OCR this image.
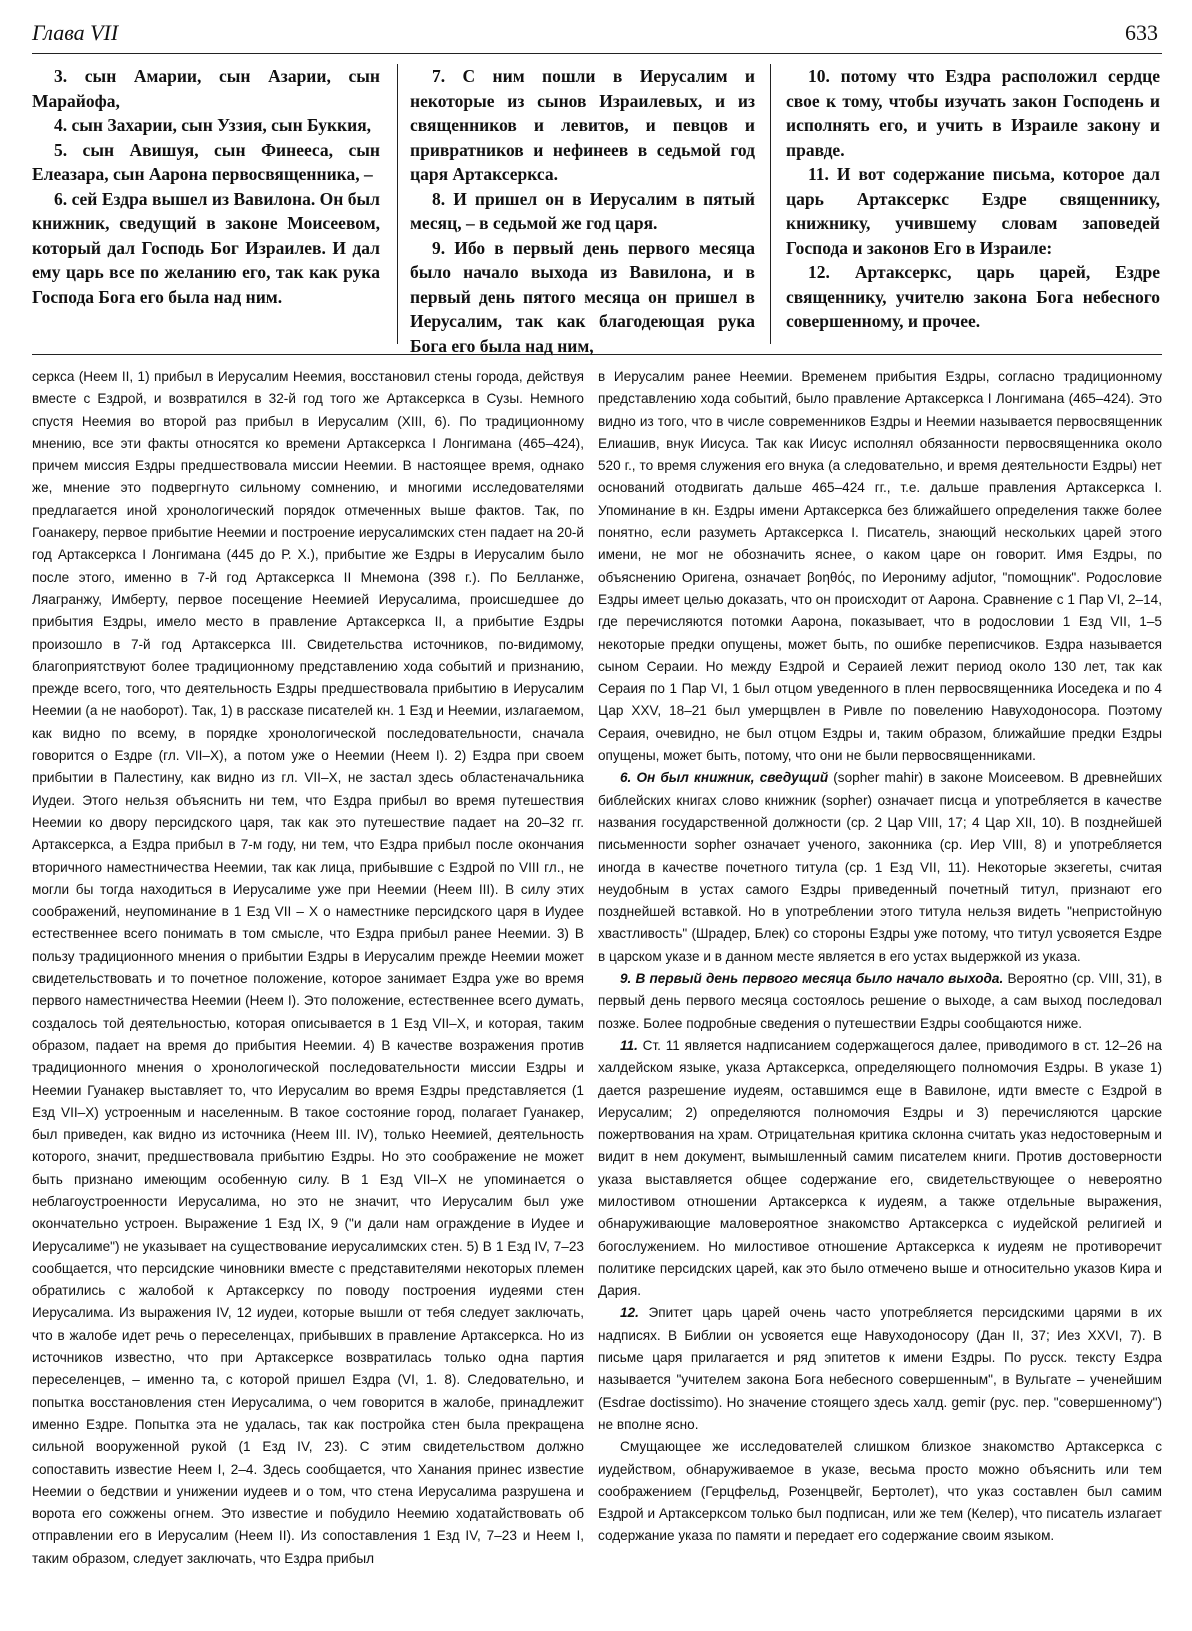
Глава VII	633

3. сын Амарии, сын Азарии, сын Марайофа,

4. сын Захарии, сын Уззия, сын Буккия,

5. сын Авишуя, сын Финееса, сын Елеазара, сын Аарона первосвященника, –

6. сей Ездра вышел из Вавилона. Он был книжник, сведущий в законе Моисеевом, который дал Господь Бог Израилев. И дал ему царь все по желанию его, так как рука Господа Бога его была над ним.

7. С ним пошли в Иерусалим и некоторые из сынов Израилевых, и из священников и левитов, и певцов и привратников и нефинеев в седьмой год царя Артаксеркса.

8. И пришел он в Иерусалим в пятый месяц, – в седьмой же год царя.

9. Ибо в первый день первого месяца было начало выхода из Вавилона, и в первый день пятого месяца он пришел в Иерусалим, так как благодеющая рука Бога его была над ним,

10. потому что Ездра расположил сердце свое к тому, чтобы изучать закон Господень и исполнять его, и учить в Израиле закону и правде.

11. И вот содержание письма, которое дал царь Артаксеркс Ездре священнику, книжнику, учившему словам заповедей Господа и законов Его в Израиле:

12. Артаксеркс, царь царей, Ездре священнику, учителю закона Бога небесного совершенному, и прочее.

серкса (Неем II, 1) прибыл в Иерусалим Неемия, восстановил стены города, действуя вместе с Ездрой, и возвратился в 32-й год того же Артаксеркса в Сузы. Немного спустя Неемия во второй раз прибыл в Иерусалим (XIII, 6). По традиционному мнению, все эти факты относятся ко времени Артаксеркса I Лонгимана (465–424), причем миссия Ездры предшествовала миссии Неемии. В настоящее время, однако же, мнение это подвергнуто сильному сомнению, и многими исследователями предлагается иной хронологический порядок отмеченных выше фактов. Так, по Гоанакеру, первое прибытие Неемии и построение иерусалимских стен падает на 20-й год Артаксеркса I Лонгимана (445 до Р. Х.), прибытие же Ездры в Иерусалим было после этого, именно в 7-й год Артаксеркса II Мнемона (398 г.). По Белланже, Ляагранжу, Имберту, первое посещение Неемией Иерусалима, происшедшее до прибытия Ездры, имело место в правление Артаксеркса II, а прибытие Ездры произошло в 7-й год Артаксеркса III. Свидетельства источников, по-видимому, благоприятствуют более традиционному представлению хода событий и признанию, прежде всего, того, что деятельность Ездры предшествовала прибытию в Иерусалим Неемии (а не наоборот). Так, 1) в рассказе писателей кн. 1 Езд и Неемии, излагаемом, как видно по всему, в порядке хронологической последовательности, сначала говорится о Ездре (гл. VII–X), а потом уже о Неемии (Неем I). 2) Ездра при своем прибытии в Палестину, как видно из гл. VII–X, не застал здесь областеначальника Иудеи. Этого нельзя объяснить ни тем, что Ездра прибыл во время путешествия Неемии ко двору персидского царя, так как это путешествие падает на 20–32 гг. Артаксеркса, а Ездра прибыл в 7-м году, ни тем, что Ездра прибыл после окончания вторичного наместничества Неемии, так как лица, прибывшие с Ездрой по VIII гл., не могли бы тогда находиться в Иерусалиме уже при Неемии (Неем III). В силу этих соображений, неупоминание в 1 Езд VII – X о наместнике персидского царя в Иудее естественнее всего понимать в том смысле, что Ездра прибыл ранее Неемии. 3) В пользу традиционного мнения о прибытии Ездры в Иерусалим прежде Неемии может свидетельствовать и то почетное положение, которое занимает Ездра уже во время первого наместничества Неемии (Неем I). Это положение, естественнее всего думать, создалось той деятельностью, которая описывается в 1 Езд VII–X, и которая, таким образом, падает на время до прибытия Неемии. 4) В качестве возражения против традиционного мнения о хронологической последовательности миссии Ездры и Неемии Гуанакер выставляет то, что Иерусалим во время Ездры представляется (1 Езд VII–X) устроенным и населенным. В такое состояние город, полагает Гуанакер, был приведен, как видно из источника (Неем III. IV), только Неемией, деятельность которого, значит, предшествовала прибытию Ездры. Но это соображение не может быть признано имеющим особенную силу. В 1 Езд VII–X не упоминается о неблагоустроенности Иерусалима, но это не значит, что Иерусалим был уже окончательно устроен. Выражение 1 Езд IX, 9 ("и дали нам ограждение в Иудее и Иерусалиме") не указывает на существование иерусалимских стен. 5) В 1 Езд IV, 7–23 сообщается, что персидские чиновники вместе с представителями некоторых племен обратились с жалобой к Артаксерксу по поводу построения иудеями стен Иерусалима. Из выражения IV, 12 иудеи, которые вышли от тебя следует заключать, что в жалобе идет речь о переселенцах, прибывших в правление Артаксеркса. Но из источников известно, что при Артаксерксе возвратилась только одна партия переселенцев, – именно та, с которой пришел Ездра (VI, 1. 8). Следовательно, и попытка восстановления стен Иерусалима, о чем говорится в жалобе, принадлежит именно Ездре. Попытка эта не удалась, так как постройка стен была прекращена сильной вооруженной рукой (1 Езд IV, 23). С этим свидетельством должно сопоставить известие Неем I, 2–4. Здесь сообщается, что Ханания принес известие Неемии о бедствии и унижении иудеев и о том, что стена Иерусалима разрушена и ворота его сожжены огнем. Это известие и побудило Неемию ходатайствовать об отправлении его в Иерусалим (Неем II). Из сопоставления 1 Езд IV, 7–23 и Неем I, таким образом, следует заключать, что Ездра прибыл

в Иерусалим ранее Неемии. Временем прибытия Ездры, согласно традиционному представлению хода событий, было правление Артаксеркса I Лонгимана (465–424). Это видно из того, что в числе современников Ездры и Неемии называется первосвященник Елиашив, внук Иисуса. Так как Иисус исполнял обязанности первосвященника около 520 г., то время служения его внука (а следовательно, и время деятельности Ездры) нет оснований отодвигать дальше 465–424 гг., т.е. дальше правления Артаксеркса I. Упоминание в кн. Ездры имени Артаксеркса без ближайшего определения также более понятно, если разуметь Артаксеркса I. Писатель, знающий нескольких царей этого имени, не мог не обозначить яснее, о каком царе он говорит. Имя Ездры, по объяснению Оригена, означает βοηθός, по Иерониму adjutor, "помощник". Родословие Ездры имеет целью доказать, что он происходит от Аарона. Сравнение с 1 Пар VI, 2–14, где перечисляются потомки Аарона, показывает, что в родословии 1 Езд VII, 1–5 некоторые предки опущены, может быть, по ошибке переписчиков. Ездра называется сыном Сераии. Но между Ездрой и Сераией лежит период около 130 лет, так как Сераия по 1 Пар VI, 1 был отцом уведенного в плен первосвященника Иоседека и по 4 Цар XXV, 18–21 был умерщвлен в Ривле по повелению Навуходоносора. Поэтому Сераия, очевидно, не был отцом Ездры и, таким образом, ближайшие предки Ездры опущены, может быть, потому, что они не были первосвященниками.

6. Он был книжник, сведущий (sopher mahir) в законе Моисеевом. В древнейших библейских книгах слово книжник (sopher) означает писца и употребляется в качестве названия государственной должности (ср. 2 Цар VIII, 17; 4 Цар XII, 10). В позднейшей письменности sopher означает ученого, законника (ср. Иер VIII, 8) и употребляется иногда в качестве почетного титула (ср. 1 Езд VII, 11). Некоторые экзегеты, считая неудобным в устах самого Ездры приведенный почетный титул, признают его позднейшей вставкой. Но в употреблении этого титула нельзя видеть "непристойную хвастливость" (Шрадер, Блек) со стороны Ездры уже потому, что титул усвояется Ездре в царском указе и в данном месте является в его устах выдержкой из указа.

9. В первый день первого месяца было начало выхода. Вероятно (ср. VIII, 31), в первый день первого месяца состоялось решение о выходе, а сам выход последовал позже. Более подробные сведения о путешествии Ездры сообщаются ниже.

11. Ст. 11 является надписанием содержащегося далее, приводимого в ст. 12–26 на халдейском языке, указа Артаксеркса, определяющего полномочия Ездры. В указе 1) дается разрешение иудеям, оставшимся еще в Вавилоне, идти вместе с Ездрой в Иерусалим; 2) определяются полномочия Ездры и 3) перечисляются царские пожертвования на храм. Отрицательная критика склонна считать указ недостоверным и видит в нем документ, вымышленный самим писателем книги. Против достоверности указа выставляется общее содержание его, свидетельствующее о невероятно милостивом отношении Артаксеркса к иудеям, а также отдельные выражения, обнаруживающие маловероятное знакомство Артаксеркса с иудейской религией и богослужением. Но милостивое отношение Артаксеркса к иудеям не противоречит политике персидских царей, как это было отмечено выше и относительно указов Кира и Дария.

12. Эпитет царь царей очень часто употребляется персидскими царями в их надписях. В Библии он усвояется еще Навуходоносору (Дан II, 37; Иез XXVI, 7). В письме царя прилагается и ряд эпитетов к имени Ездры. По русск. тексту Ездра называется "учителем закона Бога небесного совершенным", в Вульгате – ученейшим (Esdrae doctissimo). Но значение стоящего здесь халд. gemir (рус. пер. "совершенному") не вполне ясно.

Смущающее же исследователей слишком близкое знакомство Артаксеркса с иудейством, обнаруживаемое в указе, весьма просто можно объяснить или тем соображением (Герцфельд, Розенцвейг, Бертолет), что указ составлен был самим Ездрой и Артаксерксом только был подписан, или же тем (Келер), что писатель излагает содержание указа по памяти и передает его содержание своим языком.
